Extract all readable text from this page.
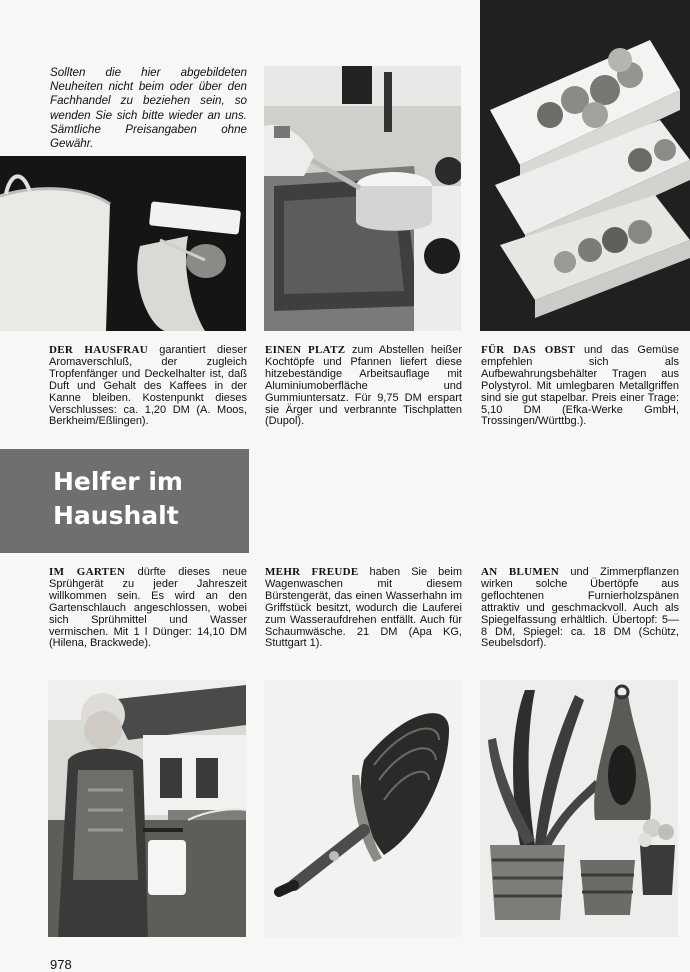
Sollten die hier abgebildeten Neuheiten nicht beim oder über den Fachhandel zu beziehen sein, so wenden Sie sich bitte wieder an uns. Sämtliche Preisangaben ohne Gewähr.
DER HAUSFRAU garantiert dieser Aromaverschluß, der zugleich Tropfenfänger und Deckelhalter ist, daß Duft und Gehalt des Kaffees in der Kanne bleiben. Kostenpunkt dieses Verschlusses: ca. 1,20 DM (A. Moos, Berkheim/Eßlingen).
EINEN PLATZ zum Abstellen heißer Kochtöpfe und Pfannen liefert diese hitzebeständige Arbeitsauflage mit Aluminiumoberfläche und Gummiuntersatz. Für 9,75 DM erspart sie Ärger und verbrannte Tischplatten (Dupol).
FÜR DAS OBST und das Gemüse empfehlen sich als Aufbewahrungsbehälter Tragen aus Polystyrol. Mit umlegbaren Metallgriffen sind sie gut stapelbar. Preis einer Trage: 5,10 DM (Efka-Werke GmbH, Trossingen/Württbg.).
Helfer im
Haushalt
IM GARTEN dürfte dieses neue Sprühgerät zu jeder Jahreszeit willkommen sein. Es wird an den Gartenschlauch angeschlossen, wobei sich Sprühmittel und Wasser vermischen. Mit 1 l Dünger: 14,10 DM (Hilena, Brackwede).
MEHR FREUDE haben Sie beim Wagenwaschen mit diesem Bürstengerät, das einen Wasserhahn im Griffstück besitzt, wodurch die Lauferei zum Wasseraufdrehen entfällt. Auch für Schaumwäsche. 21 DM (Apa KG, Stuttgart 1).
AN BLUMEN und Zimmerpflanzen wirken solche Übertöpfe aus geflochtenen Furnierholzspänen attraktiv und geschmackvoll. Auch als Spiegelfassung erhältlich. Übertopf: 5—8 DM, Spiegel: ca. 18 DM (Schütz, Seubelsdorf).
978
